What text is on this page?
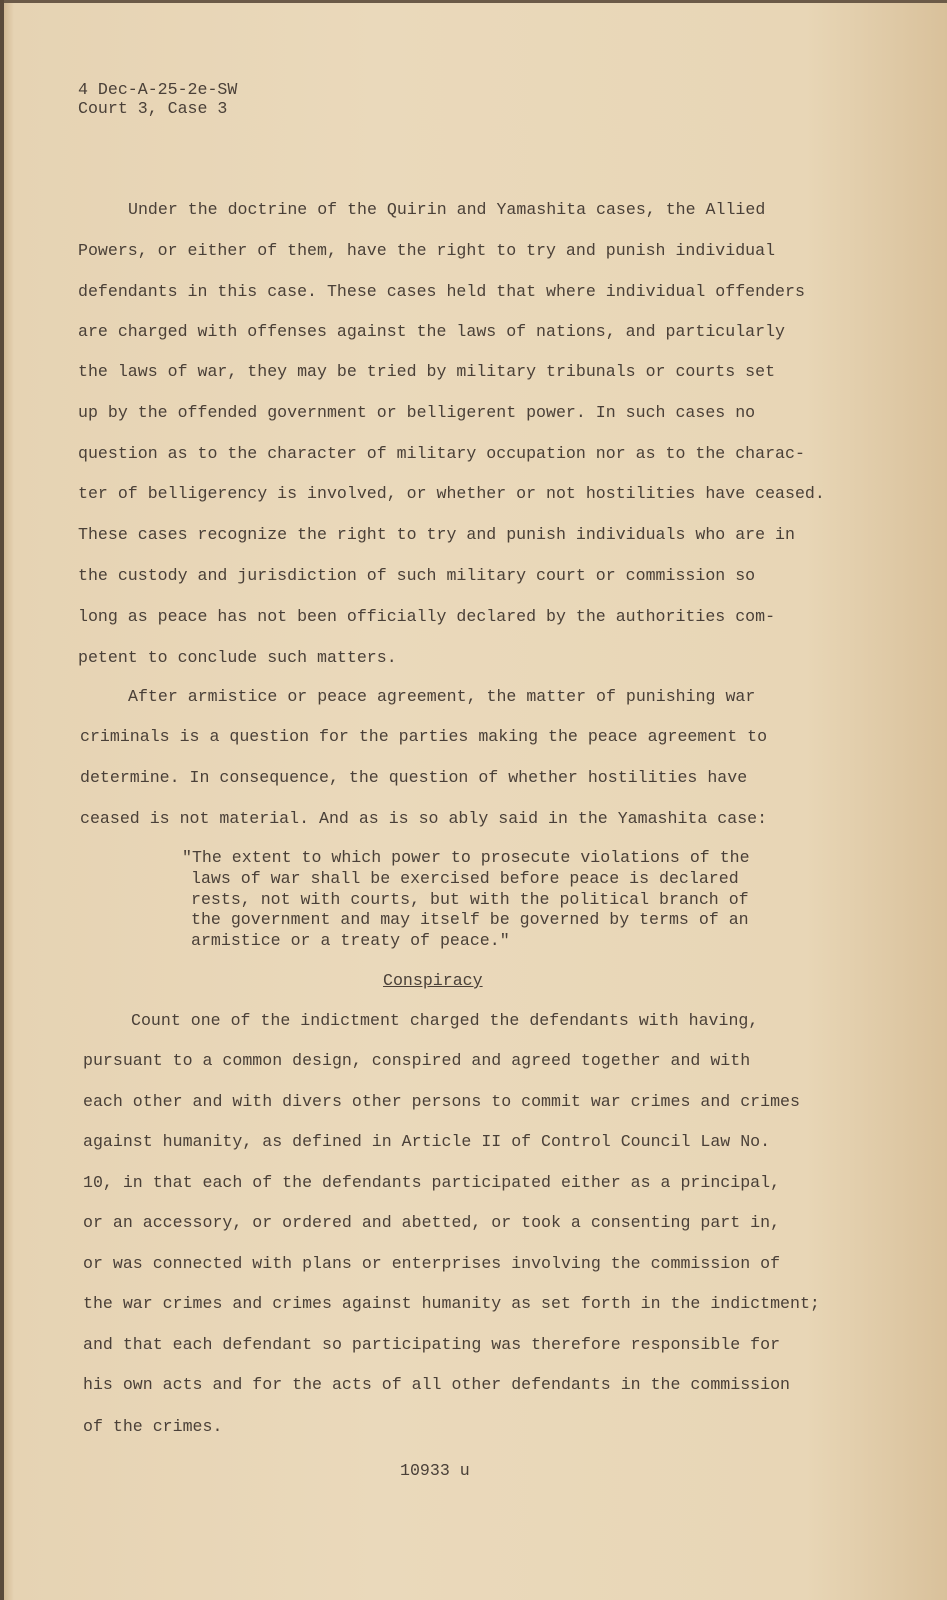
4 Dec-A-25-2e-SW
Court 3, Case 3
Conspiracy
10933 u
Under the doctrine of the Quirin and Yamashita cases, the Allied
Powers, or either of them, have the right to try and punish individual
defendants in this case. These cases held that where individual offenders
are charged with offenses against the laws of nations, and particularly
the laws of war, they may be tried by military tribunals or courts set
up by the offended government or belligerent power. In such cases no
question as to the character of military occupation nor as to the charac-
ter of belligerency is involved, or whether or not hostilities have ceased.
These cases recognize the right to try and punish individuals who are in
the custody and jurisdiction of such military court or commission so
long as peace has not been officially declared by the authorities com-
petent to conclude such matters.
After armistice or peace agreement, the matter of punishing war
criminals is a question for the parties making the peace agreement to
determine. In consequence, the question of whether hostilities have
ceased is not material. And as is so ably said in the Yamashita case:
"The extent to which power to prosecute violations of the
laws of war shall be exercised before peace is declared
rests, not with courts, but with the political branch of
the government and may itself be governed by terms of an
armistice or a treaty of peace."
Count one of the indictment charged the defendants with having,
pursuant to a common design, conspired and agreed together and with
each other and with divers other persons to commit war crimes and crimes
against humanity, as defined in Article II of Control Council Law No.
10, in that each of the defendants participated either as a principal,
or an accessory, or ordered and abetted, or took a consenting part in,
or was connected with plans or enterprises involving the commission of
the war crimes and crimes against humanity as set forth in the indictment;
and that each defendant so participating was therefore responsible for
his own acts and for the acts of all other defendants in the commission
of the crimes.
